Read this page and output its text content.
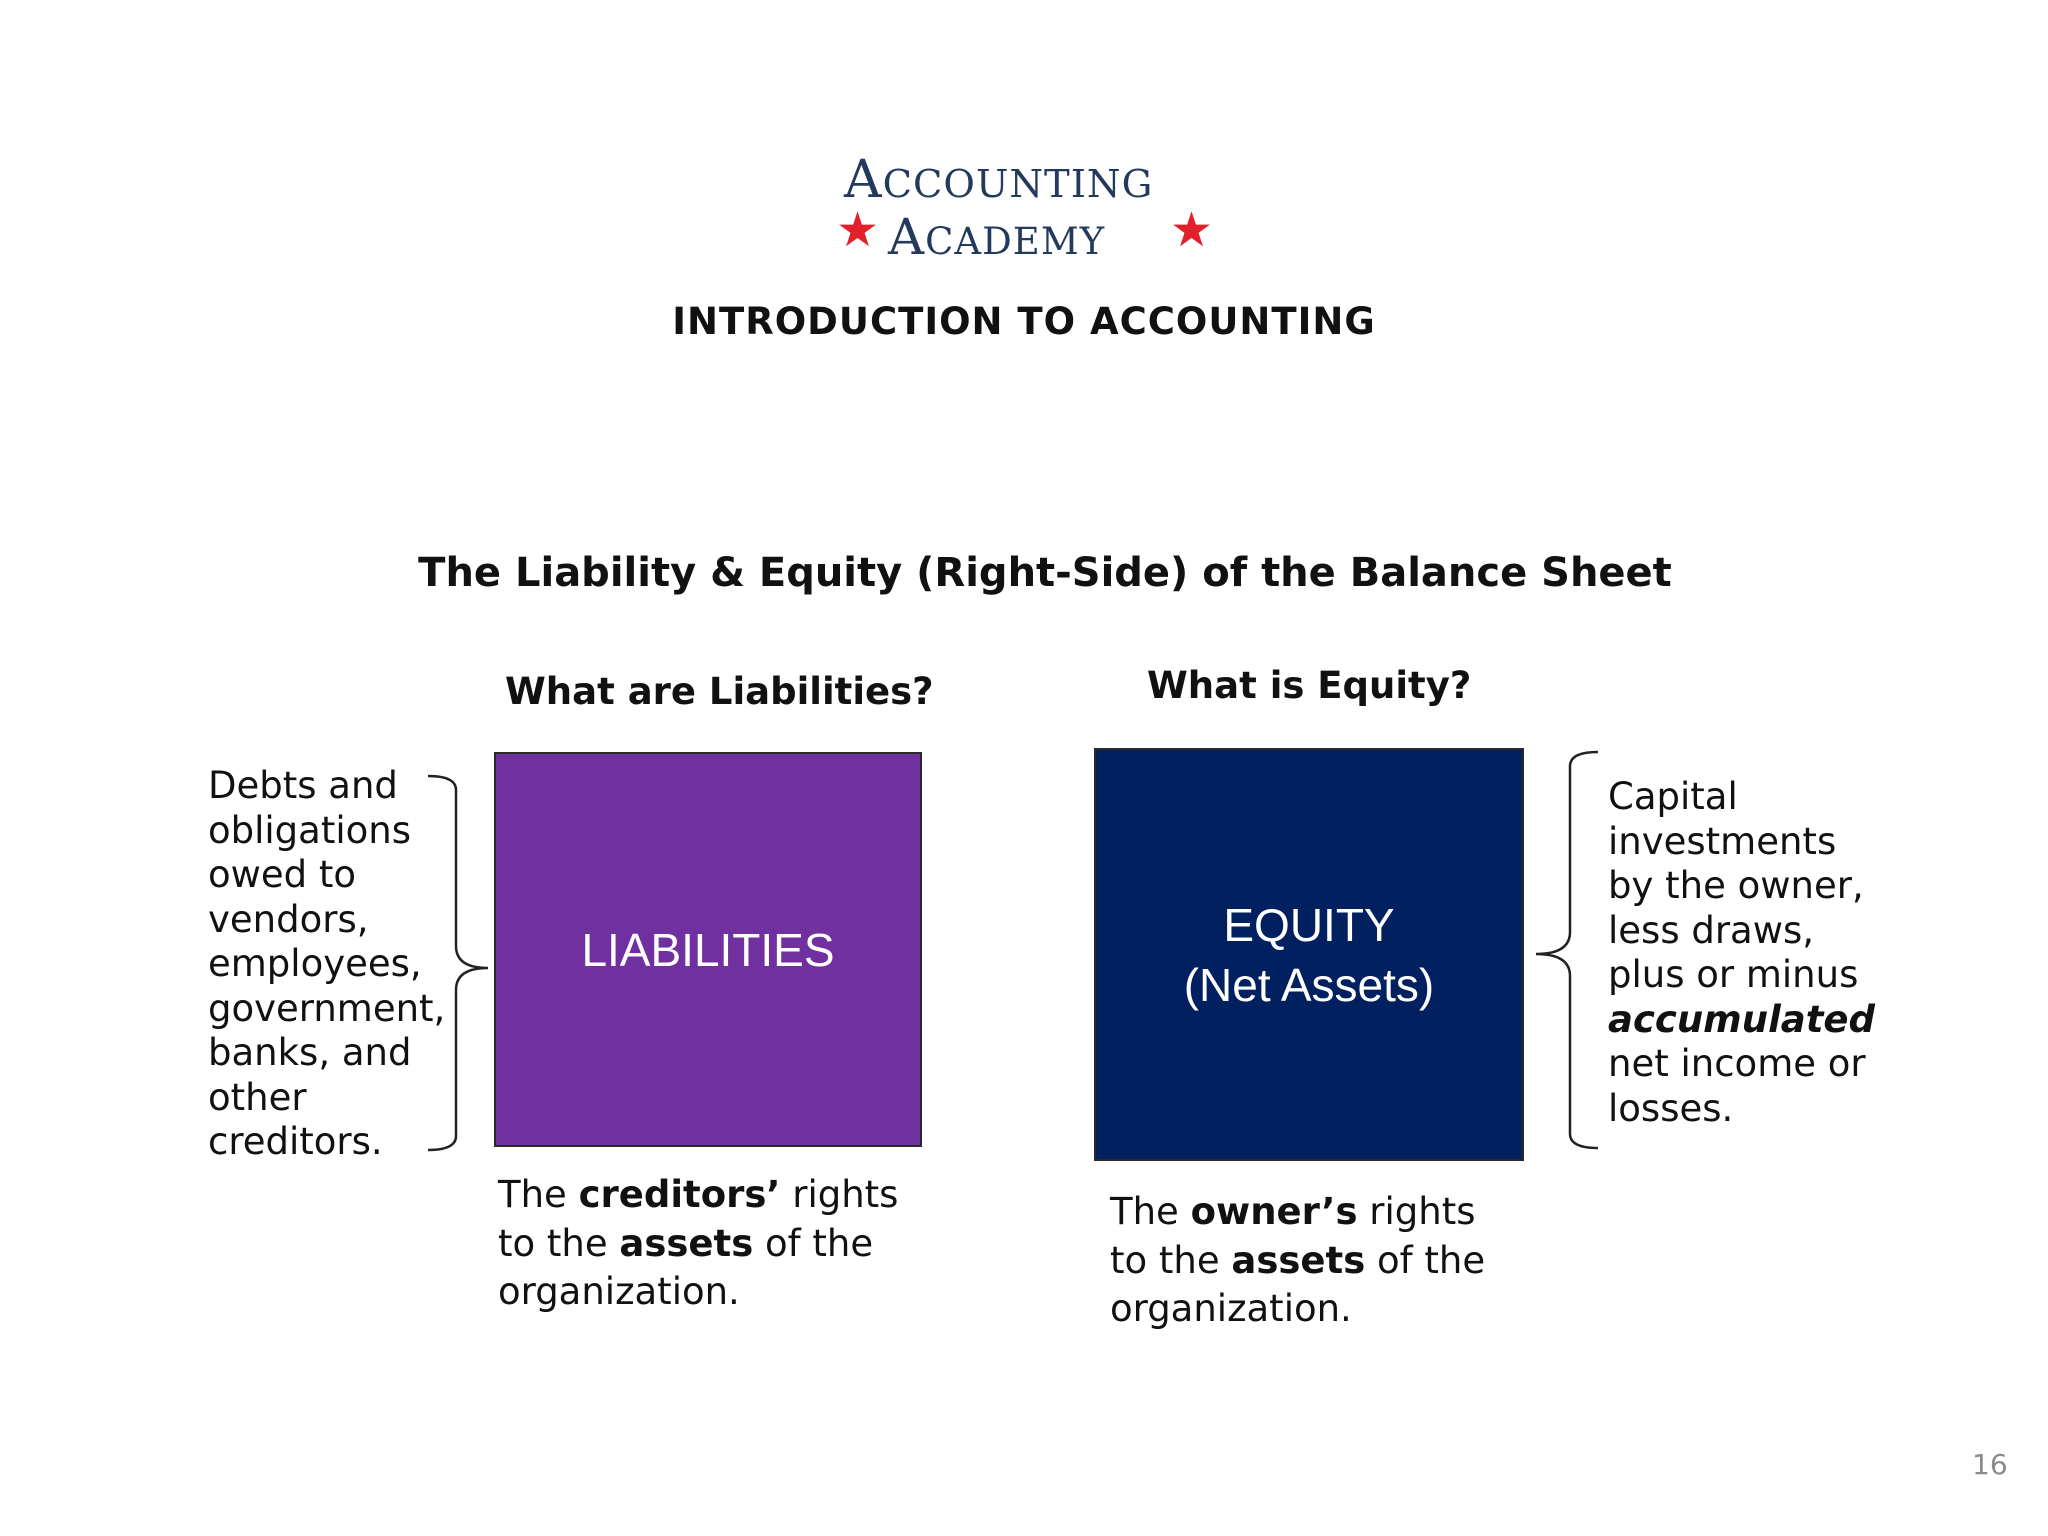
ACCOUNTING
★ ACADEMY ★
INTRODUCTION TO ACCOUNTING
The Liability & Equity (Right-Side) of the Balance Sheet
What are Liabilities?	What is Equity?
Debts and
obligations
owed to
vendors,
employees,
government,
banks, and
other
creditors.
LIABILITIES	EQUITY
(Net Assets)
Capital
investments
by the owner,
less draws,
plus or minus
accumulated
net income or
losses.
The creditors’ rights
to the assets of the
organization.
The owner’s rights
to the assets of the
organization.
16
